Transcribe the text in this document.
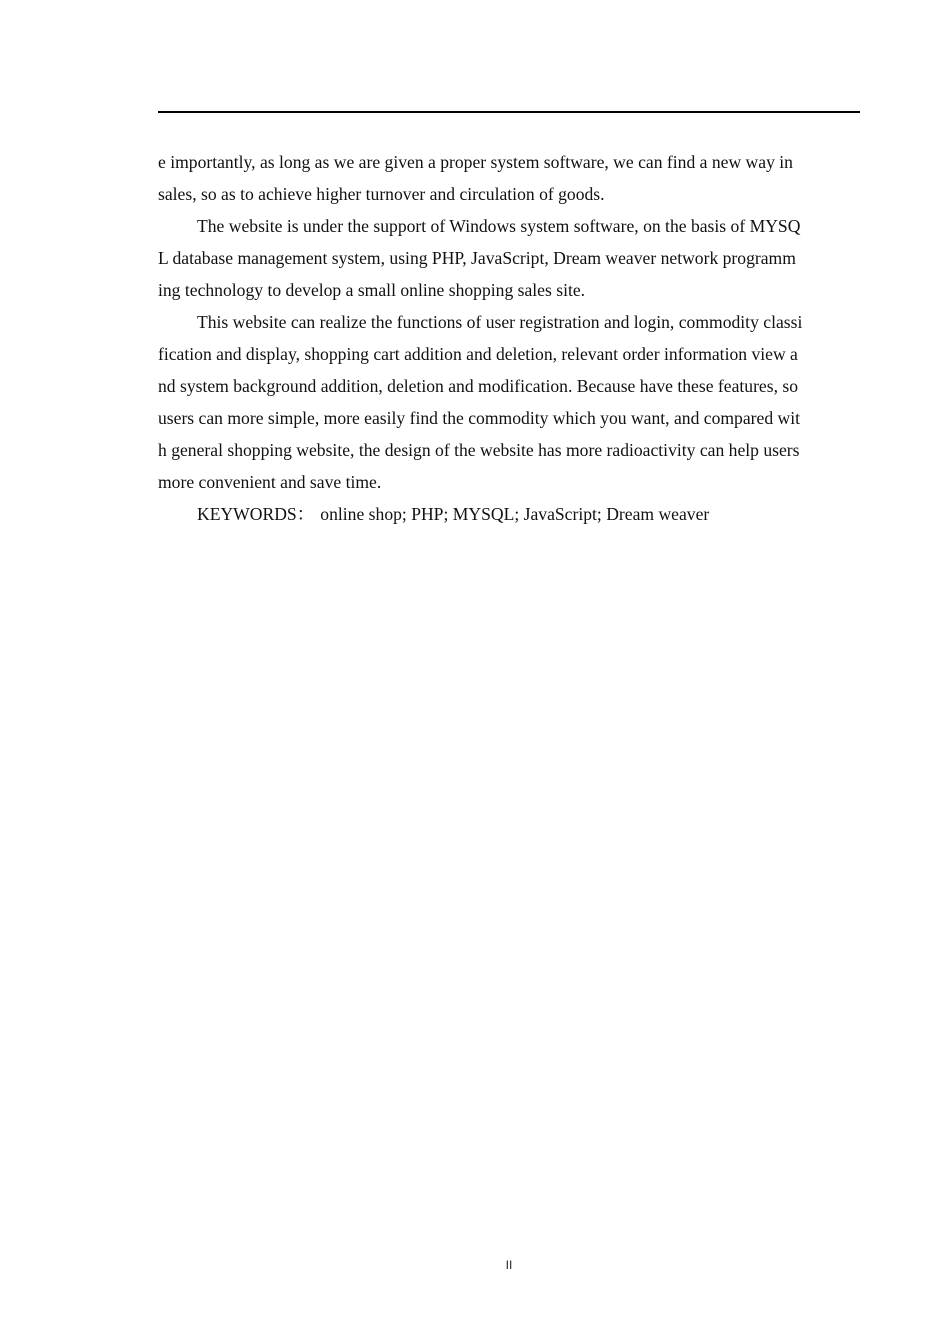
e importantly, as long as we are given a proper system software, we can find a new way in
sales, so as to achieve higher turnover and circulation of goods.
The website is under the support of Windows system software, on the basis of MYSQ
L database management system, using PHP, JavaScript, Dream weaver network programm
ing technology to develop a small online shopping sales site.
This website can realize the functions of user registration and login, commodity classi
fication and display, shopping cart addition and deletion, relevant order information view a
nd system background addition, deletion and modification. Because have these features, so
users can more simple, more easily find the commodity which you want, and compared wit
h general shopping website, the design of the website has more radioactivity can help users
more convenient and save time.
KEYWORDS： online shop; PHP; MYSQL; JavaScript; Dream weaver
II
